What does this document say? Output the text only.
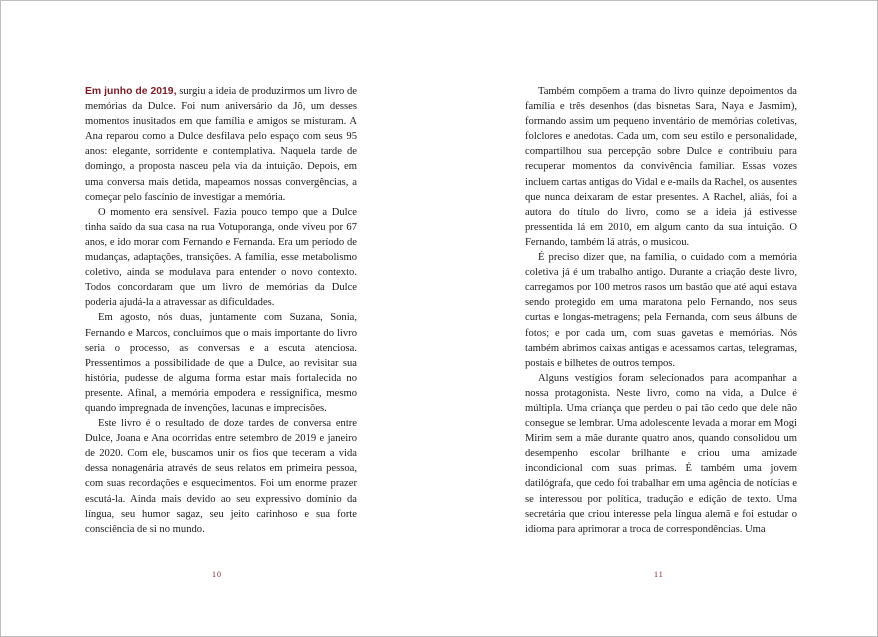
Em junho de 2019, surgiu a ideia de produzirmos um livro de memórias da Dulce. Foi num aniversário da Jô, um desses momentos inusitados em que família e amigos se misturam. A Ana reparou como a Dulce desfilava pelo espaço com seus 95 anos: elegante, sorridente e contemplativa. Naquela tarde de domingo, a proposta nasceu pela via da intuição. Depois, em uma conversa mais detida, mapeamos nossas convergências, a começar pelo fascínio de investigar a memória.

O momento era sensível. Fazia pouco tempo que a Dulce tinha saído da sua casa na rua Votuporanga, onde viveu por 67 anos, e ido morar com Fernando e Fernanda. Era um período de mudanças, adaptações, transições. A família, esse metabolismo coletivo, ainda se modulava para entender o novo contexto. Todos concordaram que um livro de memórias da Dulce poderia ajudá-la a atravessar as dificuldades.

Em agosto, nós duas, juntamente com Suzana, Sonia, Fernando e Marcos, concluímos que o mais importante do livro seria o processo, as conversas e a escuta atenciosa. Pressentimos a possibilidade de que a Dulce, ao revisitar sua história, pudesse de alguma forma estar mais fortalecida no presente. Afinal, a memória empodera e ressignifica, mesmo quando impregnada de invenções, lacunas e imprecisões.

Este livro é o resultado de doze tardes de conversa entre Dulce, Joana e Ana ocorridas entre setembro de 2019 e janeiro de 2020. Com ele, buscamos unir os fios que teceram a vida dessa nonagenária através de seus relatos em primeira pessoa, com suas recordações e esquecimentos. Foi um enorme prazer escutá-la. Ainda mais devido ao seu expressivo domínio da língua, seu humor sagaz, seu jeito carinhoso e sua forte consciência de si no mundo.

10

Também compõem a trama do livro quinze depoimentos da família e três desenhos (das bisnetas Sara, Naya e Jasmim), formando assim um pequeno inventário de memórias coletivas, folclores e anedotas. Cada um, com seu estilo e personalidade, compartilhou sua percepção sobre Dulce e contribuiu para recuperar momentos da convivência familiar. Essas vozes incluem cartas antigas do Vidal e e-mails da Rachel, os ausentes que nunca deixaram de estar presentes. A Rachel, aliás, foi a autora do título do livro, como se a ideia já estivesse pressentida lá em 2010, em algum canto da sua intuição. O Fernando, também lá atrás, o musicou.

É preciso dizer que, na família, o cuidado com a memória coletiva já é um trabalho antigo. Durante a criação deste livro, carregamos por 100 metros rasos um bastão que até aqui estava sendo protegido em uma maratona pelo Fernando, nos seus curtas e longas-metragens; pela Fernanda, com seus álbuns de fotos; e por cada um, com suas gavetas e memórias. Nós também abrimos caixas antigas e acessamos cartas, telegramas, postais e bilhetes de outros tempos.

Alguns vestígios foram selecionados para acompanhar a nossa protagonista. Neste livro, como na vida, a Dulce é múltipla. Uma criança que perdeu o pai tão cedo que dele não consegue se lembrar. Uma adolescente levada a morar em Mogi Mirim sem a mãe durante quatro anos, quando consolidou um desempenho escolar brilhante e criou uma amizade incondicional com suas primas. É também uma jovem datilógrafa, que cedo foi trabalhar em uma agência de notícias e se interessou por política, tradução e edição de texto. Uma secretária que criou interesse pela língua alemã e foi estudar o idioma para aprimorar a troca de correspondências. Uma

11
